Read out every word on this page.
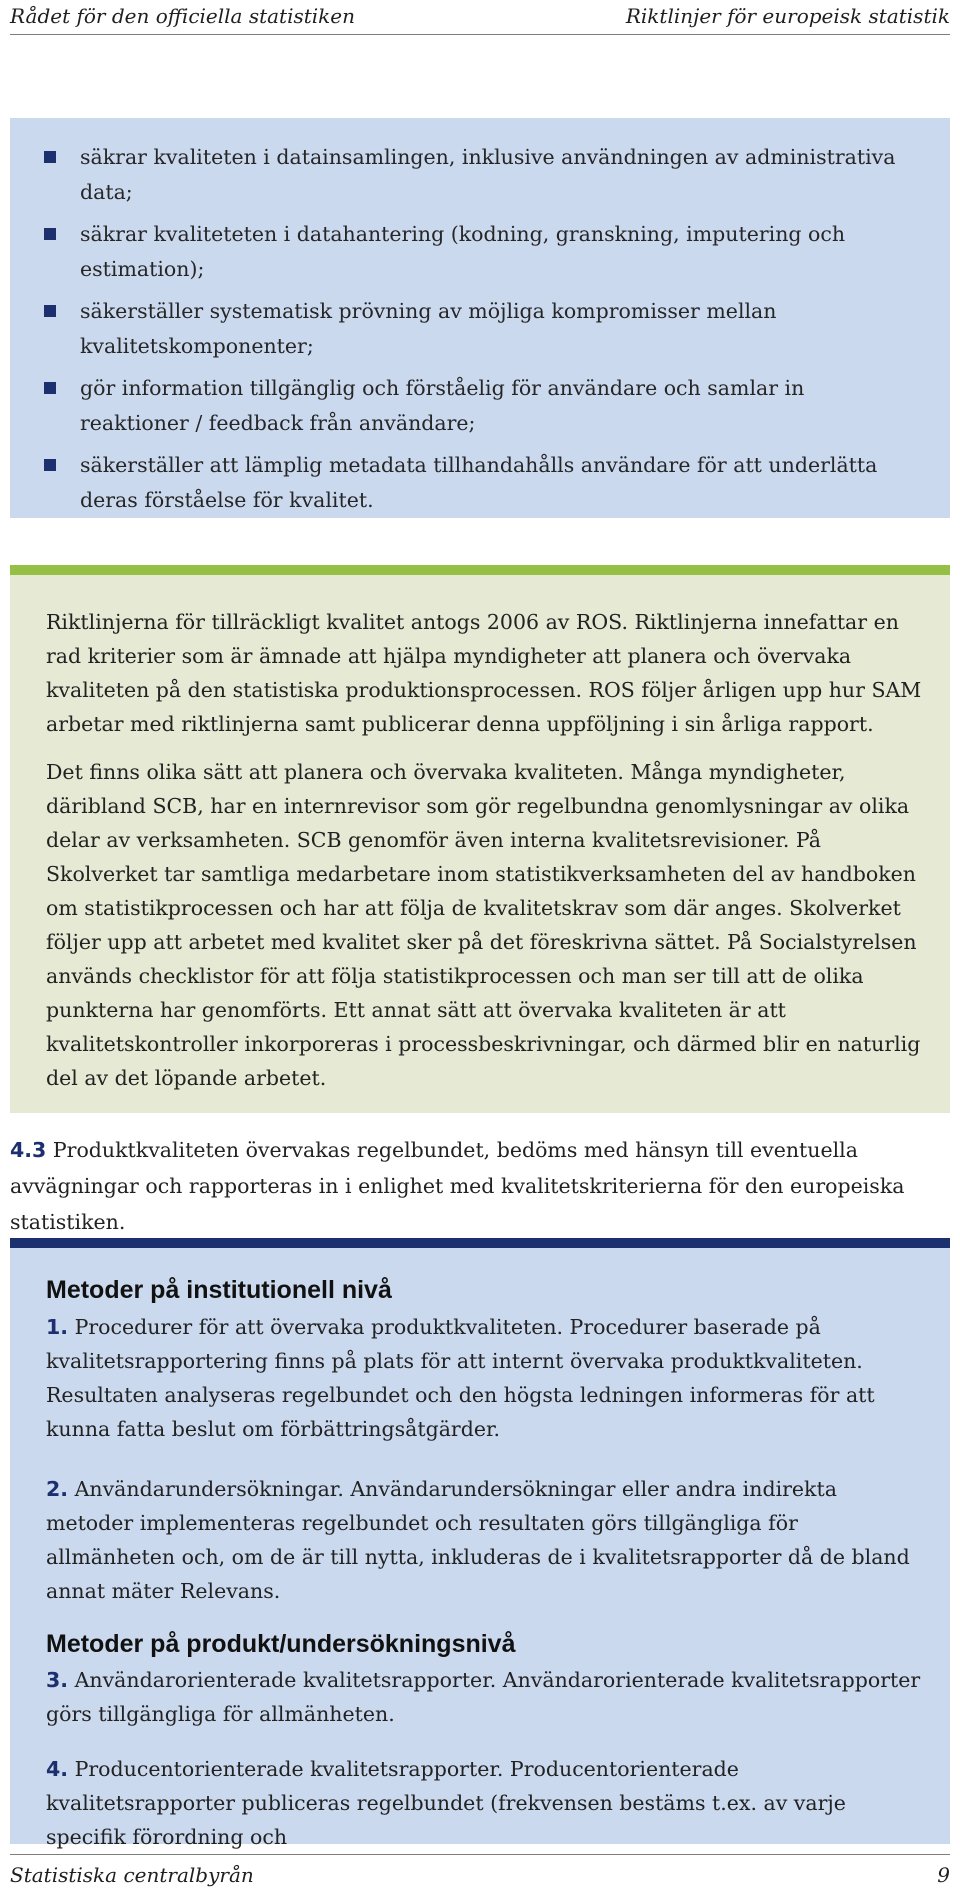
Rådet för den officiella statistiken	Riktlinjer för europeisk statistik
säkrar kvaliteten i datainsamlingen, inklusive användningen av administrativa data;
säkrar kvaliteteten i datahantering (kodning, granskning, imputering och estimation);
säkerställer systematisk prövning av möjliga kompromisser mellan kvalitetskomponenter;
gör information tillgänglig och förståelig för användare och samlar in reaktioner / feedback från användare;
säkerställer att lämplig metadata tillhandahålls användare för att underlätta deras förståelse för kvalitet.

Riktlinjerna för tillräckligt kvalitet antogs 2006 av ROS. Riktlinjerna innefattar en rad kriterier som är ämnade att hjälpa myndigheter att planera och övervaka kvaliteten på den statistiska produktionsprocessen. ROS följer årligen upp hur SAM arbetar med riktlinjerna samt publicerar denna uppföljning i sin årliga rapport.

Det finns olika sätt att planera och övervaka kvaliteten. Många myndigheter, däribland SCB, har en internrevisor som gör regelbundna genomlysningar av olika delar av verksamheten. SCB genomför även interna kvalitetsrevisioner. På Skolverket tar samtliga medarbetare inom statistikverksamheten del av handboken om statistikprocessen och har att följa de kvalitetskrav som där anges. Skolverket följer upp att arbetet med kvalitet sker på det föreskrivna sättet. På Socialstyrelsen används checklistor för att följa statistikprocessen och man ser till att de olika punkterna har genomförts. Ett annat sätt att övervaka kvaliteten är att kvalitetskontroller inkorporeras i processbeskrivningar, och därmed blir en naturlig del av det löpande arbetet.

4.3 Produktkvaliteten övervakas regelbundet, bedöms med hänsyn till eventuella avvägningar och rapporteras in i enlighet med kvalitetskriterierna för den europeiska statistiken.
Metoder på institutionell nivå
1. Procedurer för att övervaka produktkvaliteten. Procedurer baserade på kvalitetsrapportering finns på plats för att internt övervaka produktkvaliteten. Resultaten analyseras regelbundet och den högsta ledningen informeras för att kunna fatta beslut om förbättringsåtgärder.
2. Användarundersökningar. Användarundersökningar eller andra indirekta metoder implementeras regelbundet och resultaten görs tillgängliga för allmänheten och, om de är till nytta, inkluderas de i kvalitetsrapporter då de bland annat mäter Relevans.
Metoder på produkt/undersökningsnivå
3. Användarorienterade kvalitetsrapporter. Användarorienterade kvalitetsrapporter görs tillgängliga för allmänheten.
4. Producentorienterade kvalitetsrapporter. Producentorienterade kvalitetsrapporter publiceras regelbundet (frekvensen bestäms t.ex. av varje specifik förordning och
Statistiska centralbyrån	9
